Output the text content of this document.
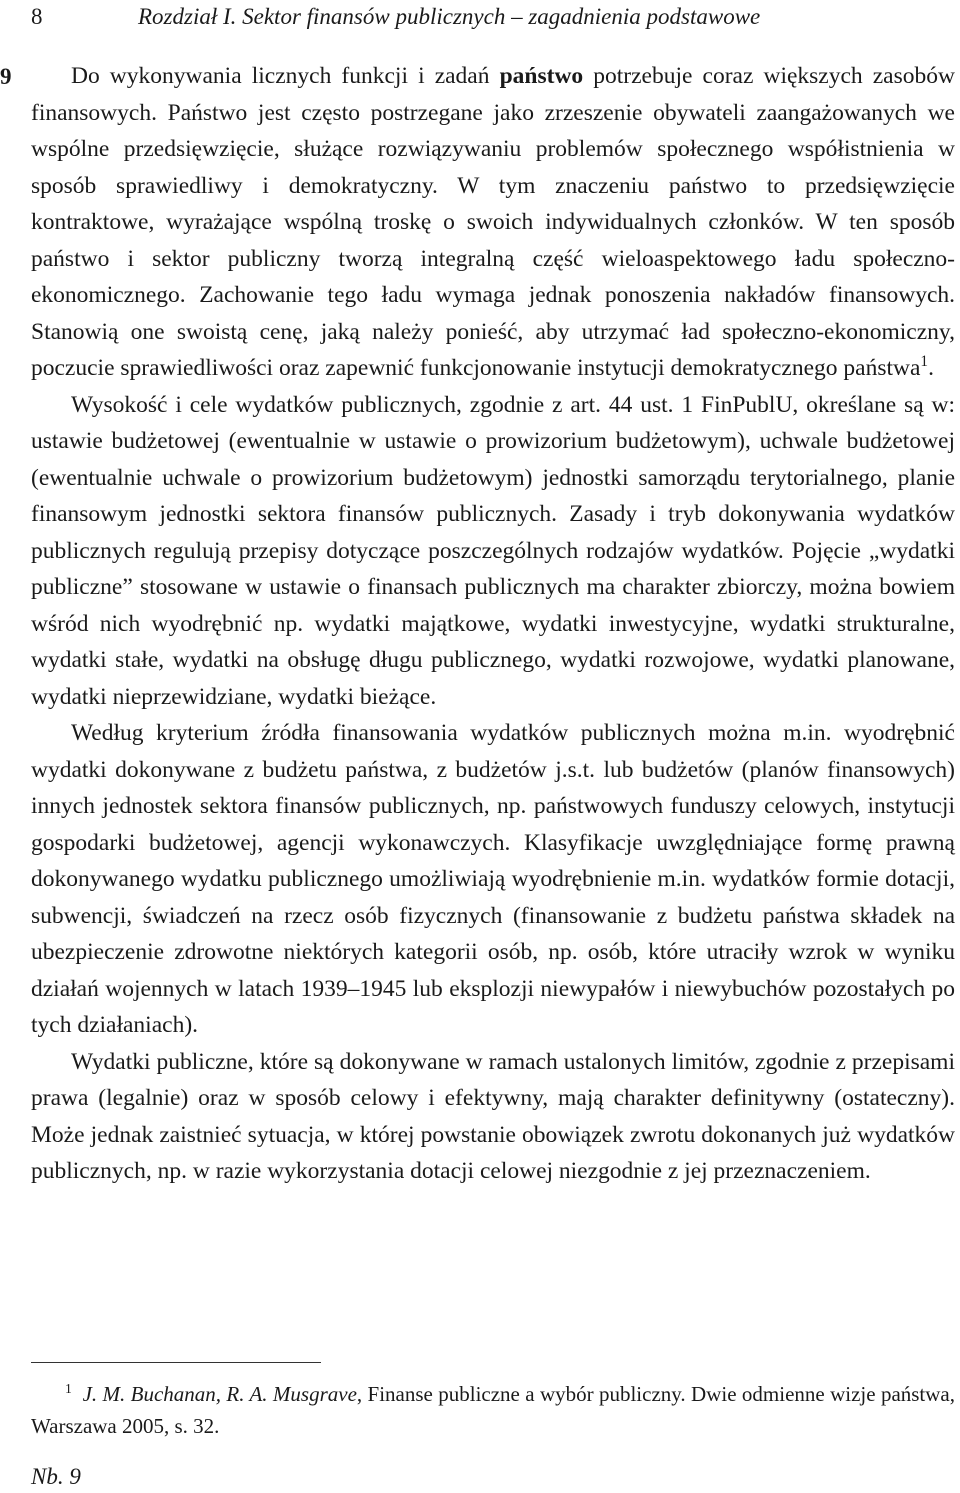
8	Rozdział I. Sektor finansów publicznych – zagadnienia podstawowe
9	Do wykonywania licznych funkcji i zadań państwo potrzebuje coraz większych zasobów finansowych. Państwo jest często postrzegane jako zrzeszenie obywateli zaangażowanych we wspólne przedsięwzięcie, służące rozwiązywaniu problemów społecznego współistnienia w sposób sprawiedliwy i demokratyczny. W tym znaczeniu państwo to przedsięwzięcie kontraktowe, wyrażające wspólną troskę o swoich indywidualnych członków. W ten sposób państwo i sektor publiczny tworzą integralną część wieloaspektowego ładu społeczno-ekonomicznego. Zachowanie tego ładu wymaga jednak ponoszenia nakładów finansowych. Stanowią one swoistą cenę, jaką należy ponieść, aby utrzymać ład społeczno-ekonomiczny, poczucie sprawiedliwości oraz zapewnić funkcjonowanie instytucji demokratycznego państwa$^1$.

Wysokość i cele wydatków publicznych, zgodnie z art. 44 ust. 1 FinPublU, określane są w: ustawie budżetowej (ewentualnie w ustawie o prowizorium budżetowym), uchwale budżetowej (ewentualnie uchwale o prowizorium budżetowym) jednostki samorządu terytorialnego, planie finansowym jednostki sektora finansów publicznych. Zasady i tryb dokonywania wydatków publicznych regulują przepisy dotyczące poszczególnych rodzajów wydatków. Pojęcie „wydatki publiczne” stosowane w ustawie o finansach publicznych ma charakter zbiorczy, można bowiem wśród nich wyodrębnić np. wydatki majątkowe, wydatki inwestycyjne, wydatki strukturalne, wydatki stałe, wydatki na obsługę długu publicznego, wydatki rozwojowe, wydatki planowane, wydatki nieprzewidziane, wydatki bieżące.

Według kryterium źródła finansowania wydatków publicznych można m.in. wyodrębnić wydatki dokonywane z budżetu państwa, z budżetów j.s.t. lub budżetów (planów finansowych) innych jednostek sektora finansów publicznych, np. państwowych funduszy celowych, instytucji gospodarki budżetowej, agencji wykonawczych. Klasyfikacje uwzględniające formę prawną dokonywanego wydatku publicznego umożliwiają wyodrębnienie m.in. wydatków formie dotacji, subwencji, świadczeń na rzecz osób fizycznych (finansowanie z budżetu państwa składek na ubezpieczenie zdrowotne niektórych kategorii osób, np. osób, które utraciły wzrok w wyniku działań wojennych w latach 1939–1945 lub eksplozji niewypałów i niewybuchów pozostałych po tych działaniach).

Wydatki publiczne, które są dokonywane w ramach ustalonych limitów, zgodnie z przepisami prawa (legalnie) oraz w sposób celowy i efektywny, mają charakter definitywny (ostateczny). Może jednak zaistnieć sytuacja, w której powstanie obowiązek zwrotu dokonanych już wydatków publicznych, np. w razie wykorzystania dotacji celowej niezgodnie z jej przeznaczeniem.

$^1$ J. M. Buchanan, R. A. Musgrave, Finanse publiczne a wybór publiczny. Dwie odmienne wizje państwa, Warszawa 2005, s. 32.
Nb. 9
